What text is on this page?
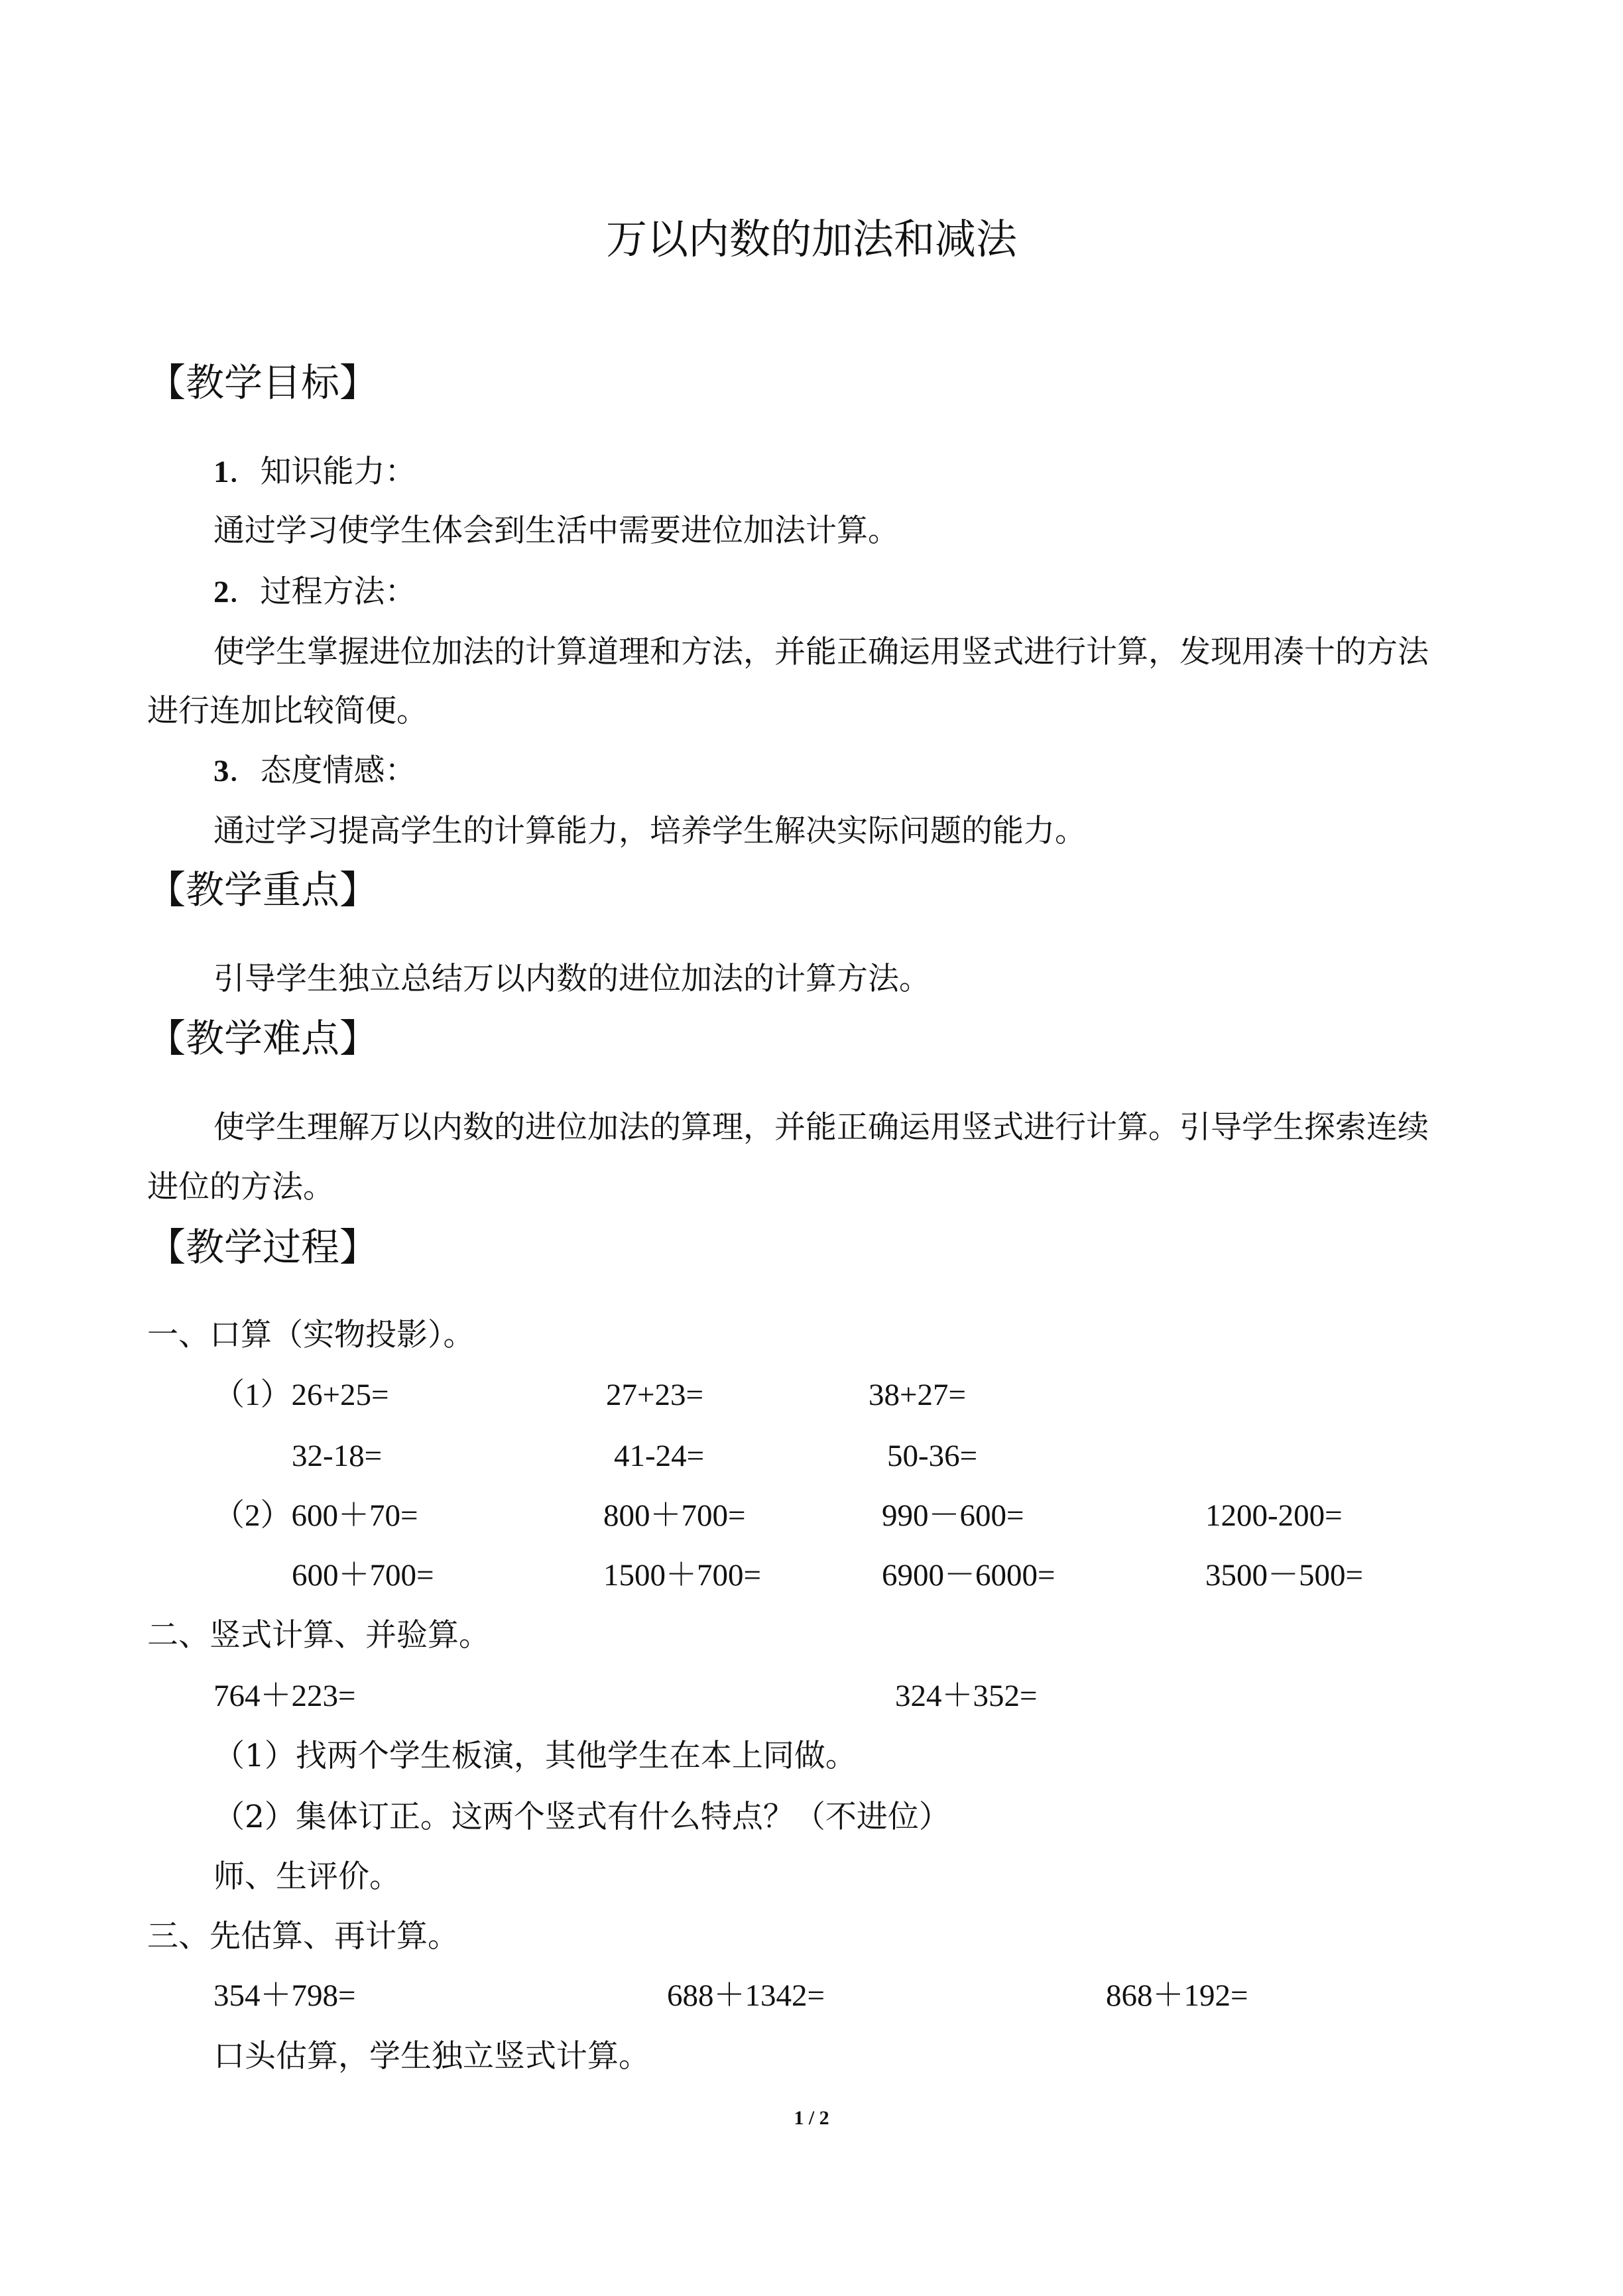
万以内数的加法和减法
【教学目标】
1．知识能力：
通过学习使学生体会到生活中需要进位加法计算。
2．过程方法：
使学生掌握进位加法的计算道理和方法，并能正确运用竖式进行计算，发现用凑十的方法
进行连加比较简便。
3．态度情感：
通过学习提高学生的计算能力，培养学生解决实际问题的能力。
【教学重点】
引导学生独立总结万以内数的进位加法的计算方法。
【教学难点】
使学生理解万以内数的进位加法的算理，并能正确运用竖式进行计算。引导学生探索连续
进位的方法。
【教学过程】
一、口算（实物投影）。
（1）26+25=	27+23=	38+27=
32-18=	41-24=	50-36=
（2）600＋70=	800＋700=	990－600=	1200-200=
600＋700=	1500＋700=	6900－6000=	3500－500=
二、竖式计算、并验算。
764＋223=	324＋352=
（1）找两个学生板演，其他学生在本上同做。
（2）集体订正。这两个竖式有什么特点？（不进位）
师、生评价。
三、先估算、再计算。
354＋798=	688＋1342=	868＋192=
口头估算，学生独立竖式计算。
1 / 2
